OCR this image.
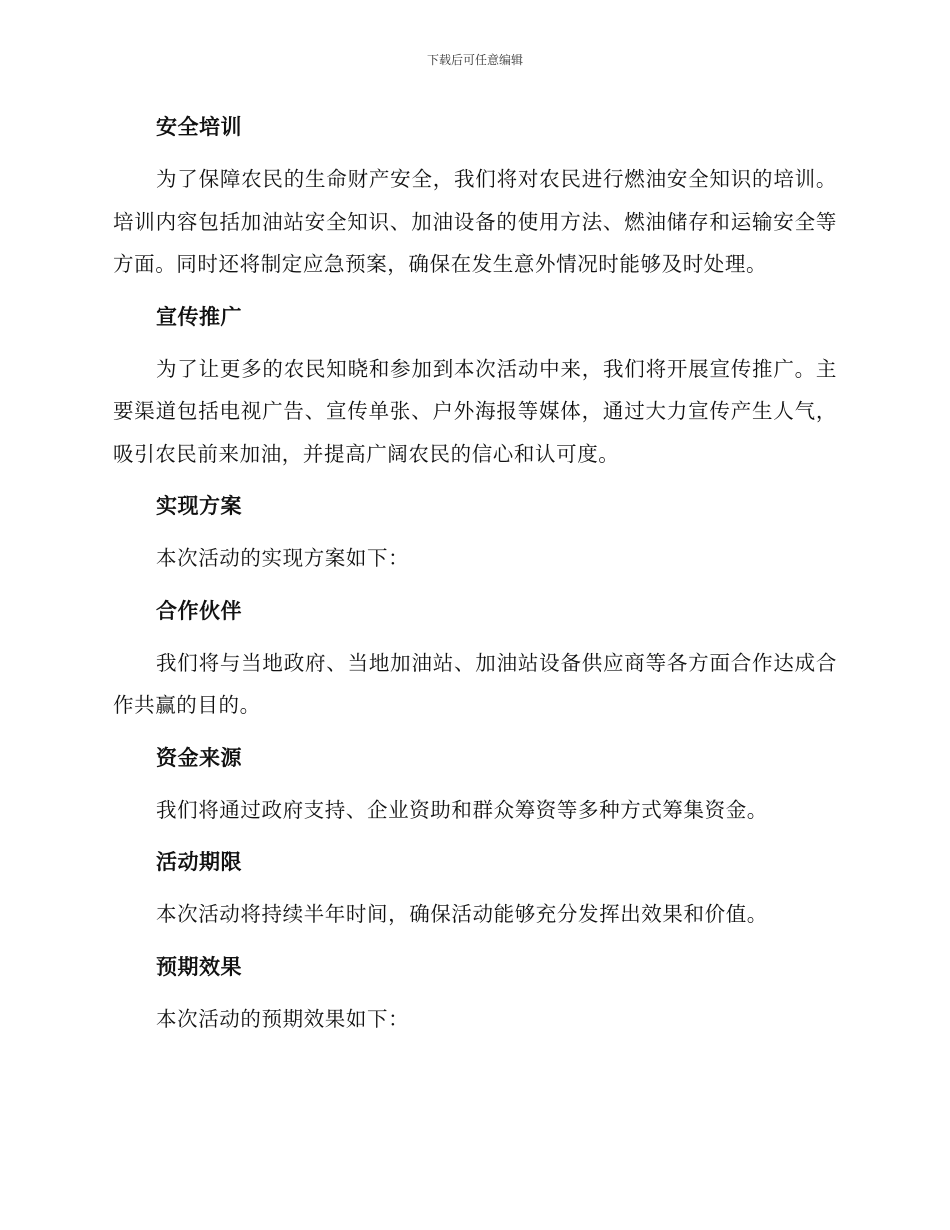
下载后可任意编辑
安全培训

为了保障农民的生命财产安全，我们将对农民进行燃油安全知识的培训。培训内容包括加油站安全知识、加油设备的使用方法、燃油储存和运输安全等方面。同时还将制定应急预案，确保在发生意外情况时能够及时处理。

宣传推广

为了让更多的农民知晓和参加到本次活动中来，我们将开展宣传推广。主要渠道包括电视广告、宣传单张、户外海报等媒体，通过大力宣传产生人气，吸引农民前来加油，并提高广阔农民的信心和认可度。

实现方案

本次活动的实现方案如下：

合作伙伴

我们将与当地政府、当地加油站、加油站设备供应商等各方面合作达成合作共赢的目的。

资金来源

我们将通过政府支持、企业资助和群众筹资等多种方式筹集资金。

活动期限

本次活动将持续半年时间，确保活动能够充分发挥出效果和价值。

预期效果

本次活动的预期效果如下：
